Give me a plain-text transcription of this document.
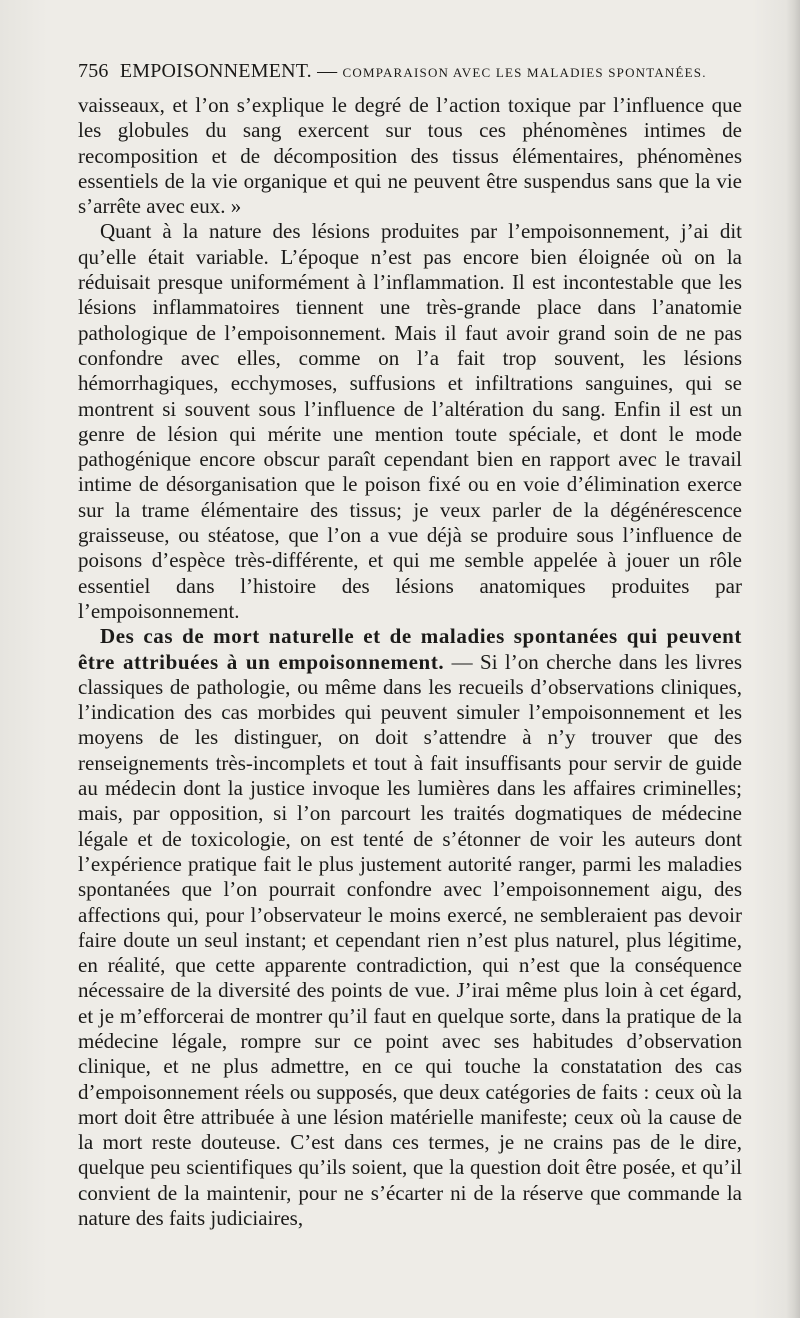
756 EMPOISONNEMENT. — COMPARAISON AVEC LES MALADIES SPONTANÉES.

vaisseaux, et l’on s’explique le degré de l’action toxique par l’influence que les globules du sang exercent sur tous ces phénomènes intimes de recomposition et de décomposition des tissus élémentaires, phénomènes essentiels de la vie organique et qui ne peuvent être suspendus sans que la vie s’arrête avec eux. »

Quant à la nature des lésions produites par l’empoisonnement, j’ai dit qu’elle était variable. L’époque n’est pas encore bien éloignée où on la réduisait presque uniformément à l’inflammation. Il est incontestable que les lésions inflammatoires tiennent une très-grande place dans l’anatomie pathologique de l’empoisonnement. Mais il faut avoir grand soin de ne pas confondre avec elles, comme on l’a fait trop souvent, les lésions hémorrhagiques, ecchymoses, suffusions et infiltrations sanguines, qui se montrent si souvent sous l’influence de l’altération du sang. Enfin il est un genre de lésion qui mérite une mention toute spéciale, et dont le mode pathogénique encore obscur paraît cependant bien en rapport avec le travail intime de désorganisation que le poison fixé ou en voie d’élimination exerce sur la trame élémentaire des tissus; je veux parler de la dégénérescence graisseuse, ou stéatose, que l’on a vue déjà se produire sous l’influence de poisons d’espèce très-différente, et qui me semble appelée à jouer un rôle essentiel dans l’histoire des lésions anatomiques produites par l’empoisonnement.

Des cas de mort naturelle et de maladies spontanées qui peuvent être attribuées à un empoisonnement. — Si l’on cherche dans les livres classiques de pathologie, ou même dans les recueils d’observations cliniques, l’indication des cas morbides qui peuvent simuler l’empoisonnement et les moyens de les distinguer, on doit s’attendre à n’y trouver que des renseignements très-incomplets et tout à fait insuffisants pour servir de guide au médecin dont la justice invoque les lumières dans les affaires criminelles; mais, par opposition, si l’on parcourt les traités dogmatiques de médecine légale et de toxicologie, on est tenté de s’étonner de voir les auteurs dont l’expérience pratique fait le plus justement autorité ranger, parmi les maladies spontanées que l’on pourrait confondre avec l’empoisonnement aigu, des affections qui, pour l’observateur le moins exercé, ne sembleraient pas devoir faire doute un seul instant; et cependant rien n’est plus naturel, plus légitime, en réalité, que cette apparente contradiction, qui n’est que la conséquence nécessaire de la diversité des points de vue. J’irai même plus loin à cet égard, et je m’efforcerai de montrer qu’il faut en quelque sorte, dans la pratique de la médecine légale, rompre sur ce point avec ses habitudes d’observation clinique, et ne plus admettre, en ce qui touche la constatation des cas d’empoisonnement réels ou supposés, que deux catégories de faits : ceux où la mort doit être attribuée à une lésion matérielle manifeste; ceux où la cause de la mort reste douteuse. C’est dans ces termes, je ne crains pas de le dire, quelque peu scientifiques qu’ils soient, que la question doit être posée, et qu’il convient de la maintenir, pour ne s’écarter ni de la réserve que commande la nature des faits judiciaires,
